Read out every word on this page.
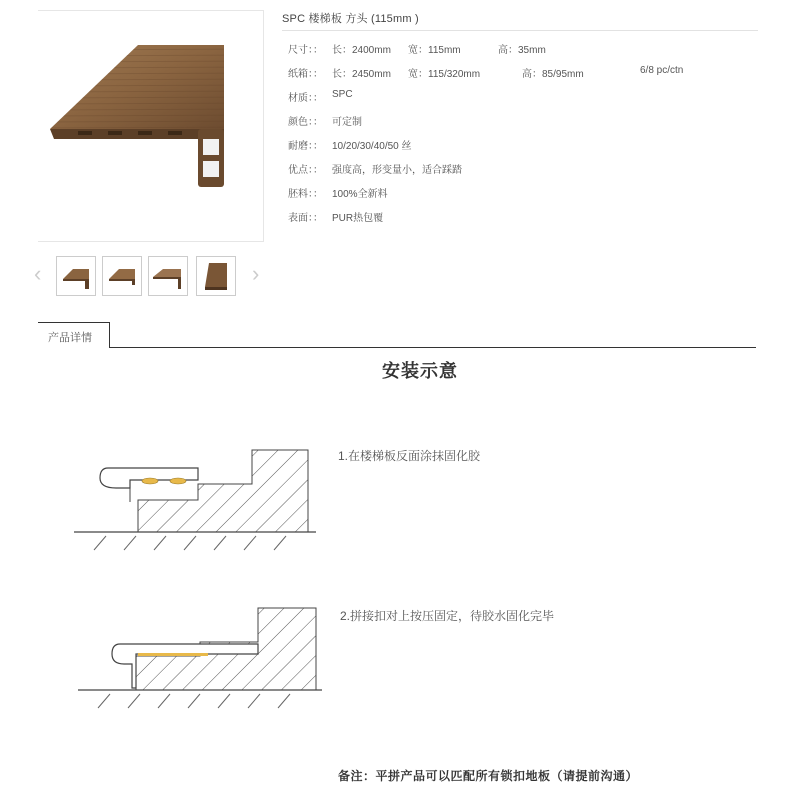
‹	›
SPC 楼梯板 方头 (115mm )
尺寸：： 长：2400mm 宽：115mm	高：35mm
纸箱：： 长：2450mm 宽：115/320mm	高：85/95mm	6/8 pc/ctn
材质：： SPC
颜色：： 可定制
耐磨：： 10/20/30/40/50 丝
优点：： 强度高，形变量小，适合踩踏
胚料：： 100%全新料
表面：： PUR热包覆
产品详情
安装示意
1.在楼梯板反面涂抹固化胶
2.拼接扣对上按压固定，待胶水固化完毕
备注：平拼产品可以匹配所有锁扣地板（请提前沟通）
